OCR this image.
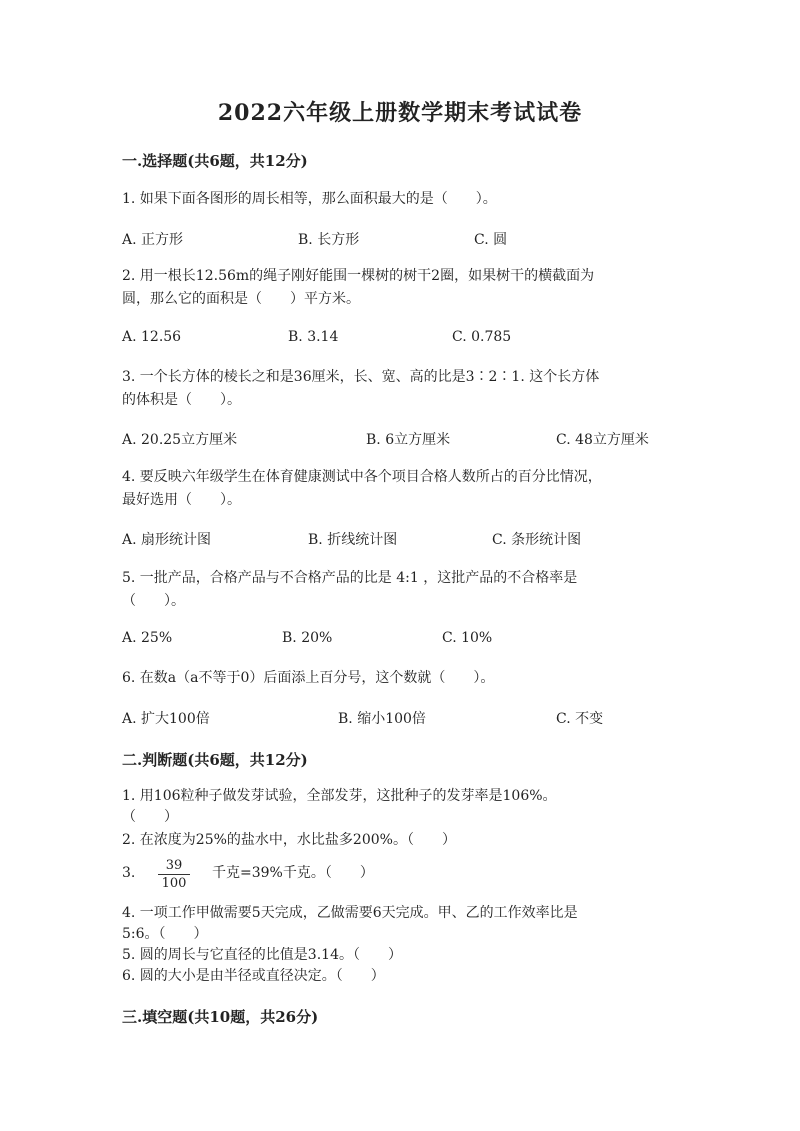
2022六年级上册数学期末考试试卷
一.选择题(共6题，共12分)
1. 如果下面各图形的周长相等，那么面积最大的是（　　）。
A. 正方形	B. 长方形	C. 圆
2. 用一根长12.56m的绳子刚好能围一棵树的树干2圈，如果树干的横截面为
圆，那么它的面积是（　　）平方米。
A. 12.56	B. 3.14	C. 0.785
3. 一个长方体的棱长之和是36厘米，长、宽、高的比是3∶2∶1. 这个长方体
的体积是（　　）。
A. 20.25立方厘米	B. 6立方厘米	C. 48立方厘米
4. 要反映六年级学生在体育健康测试中各个项目合格人数所占的百分比情况，
最好选用（　　）。
A. 扇形统计图	B. 折线统计图	C. 条形统计图
5. 一批产品，合格产品与不合格产品的比是 4:1 ，这批产品的不合格率是
（　　）。
A. 25%	B. 20%	C. 10%
6. 在数a（a不等于0）后面添上百分号，这个数就（　　）。
A. 扩大100倍	B. 缩小100倍	C. 不变
二.判断题(共6题，共12分)
1. 用106粒种子做发芽试验，全部发芽，这批种子的发芽率是106%。
（　　）
2. 在浓度为25%的盐水中，水比盐多200%。（　　）
3.	39
100
千克=39%千克。（　　）
4. 一项工作甲做需要5天完成，乙做需要6天完成。甲、乙的工作效率比是
5:6。（　　）
5. 圆的周长与它直径的比值是3.14。（　　）
6. 圆的大小是由半径或直径决定。（　　）
三.填空题(共10题，共26分)
